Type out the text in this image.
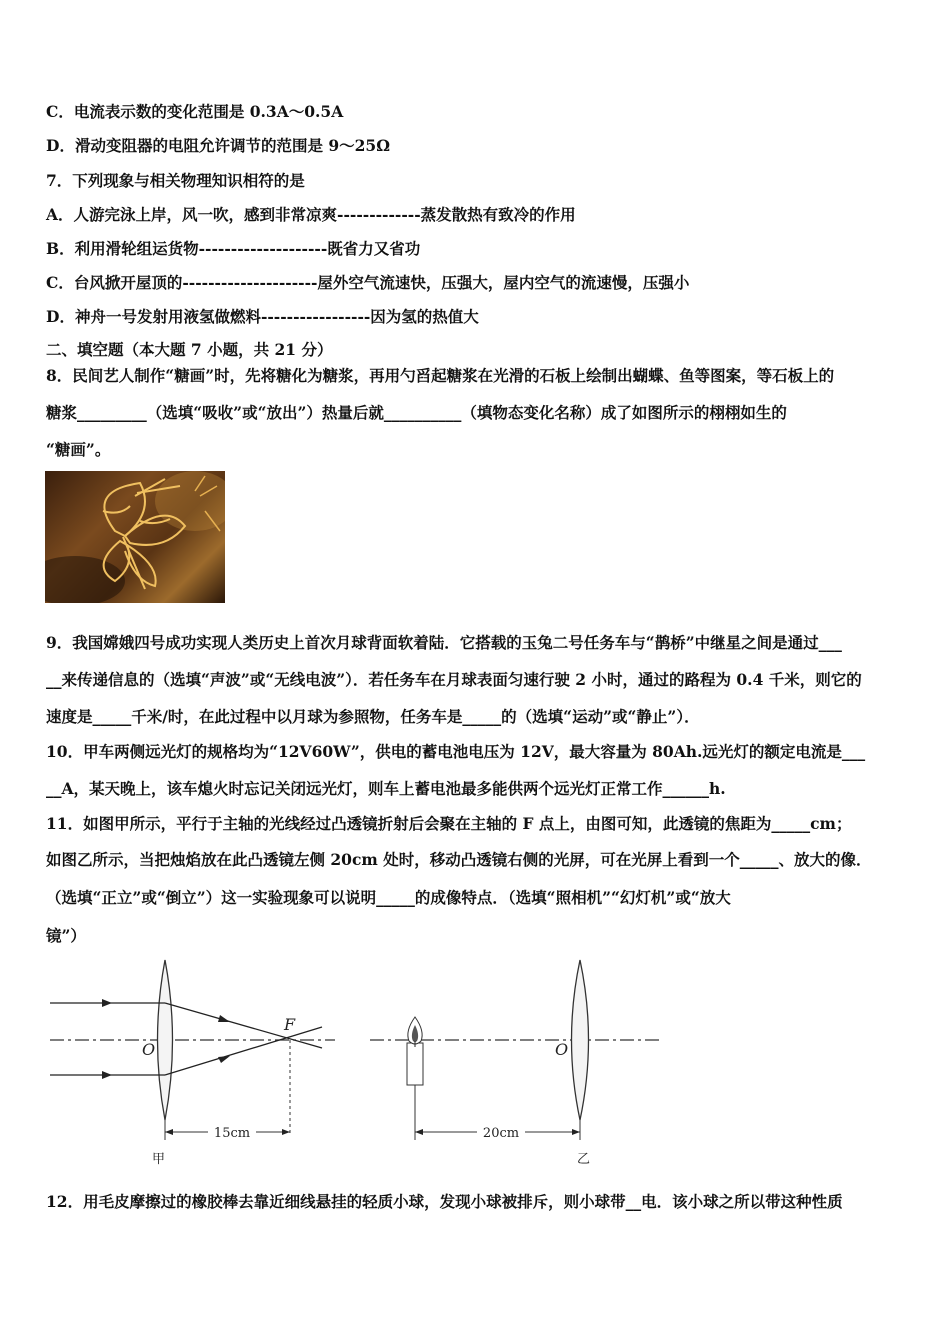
C．电流表示数的变化范围是 0.3A～0.5A
D．滑动变阻器的电阻允许调节的范围是 9～25Ω
7．下列现象与相关物理知识相符的是
A．人游完泳上岸，风一吹，感到非常凉爽-------------蒸发散热有致冷的作用
B．利用滑轮组运货物--------------------既省力又省功
C．台风掀开屋顶的---------------------屋外空气流速快，压强大，屋内空气的流速慢，压强小
D．神舟一号发射用液氢做燃料-----------------因为氢的热值大
二、填空题（本大题 7 小题，共 21 分）
8．民间艺人制作“糖画”时，先将糖化为糖浆，再用勺舀起糖浆在光滑的石板上绘制出蝴蝶、鱼等图案，等石板上的
糖浆_________（选填“吸收”或“放出”）热量后就__________（填物态变化名称）成了如图所示的栩栩如生的
“糖画”。
9．我国嫦娥四号成功实现人类历史上首次月球背面软着陆．它搭载的玉兔二号任务车与“鹊桥”中继星之间是通过___
__来传递信息的（选填“声波”或“无线电波”）．若任务车在月球表面匀速行驶 2 小时，通过的路程为 0.4 千米，则它的
速度是_____千米/时，在此过程中以月球为参照物，任务车是_____的（选填“运动”或“静止”）．
10．甲车两侧远光灯的规格均为“12V60W”，供电的蓄电池电压为 12V，最大容量为 80Ah.远光灯的额定电流是___
__A，某天晚上，该车熄火时忘记关闭远光灯，则车上蓄电池最多能供两个远光灯正常工作______h.
11．如图甲所示，平行于主轴的光线经过凸透镜折射后会聚在主轴的 F 点上，由图可知，此透镜的焦距为_____cm；
如图乙所示，当把烛焰放在此凸透镜左侧 20cm 处时，移动凸透镜右侧的光屏，可在光屏上看到一个_____、放大的像．
（选填“正立”或“倒立”）这一实验现象可以说明_____的成像特点．（选填“照相机”“幻灯机”或“放大
镜”）
15cm
O
F
甲
20cm
O
乙
12．用毛皮摩擦过的橡胶棒去靠近细线悬挂的轻质小球，发现小球被排斥，则小球带__电．该小球之所以带这种性质
